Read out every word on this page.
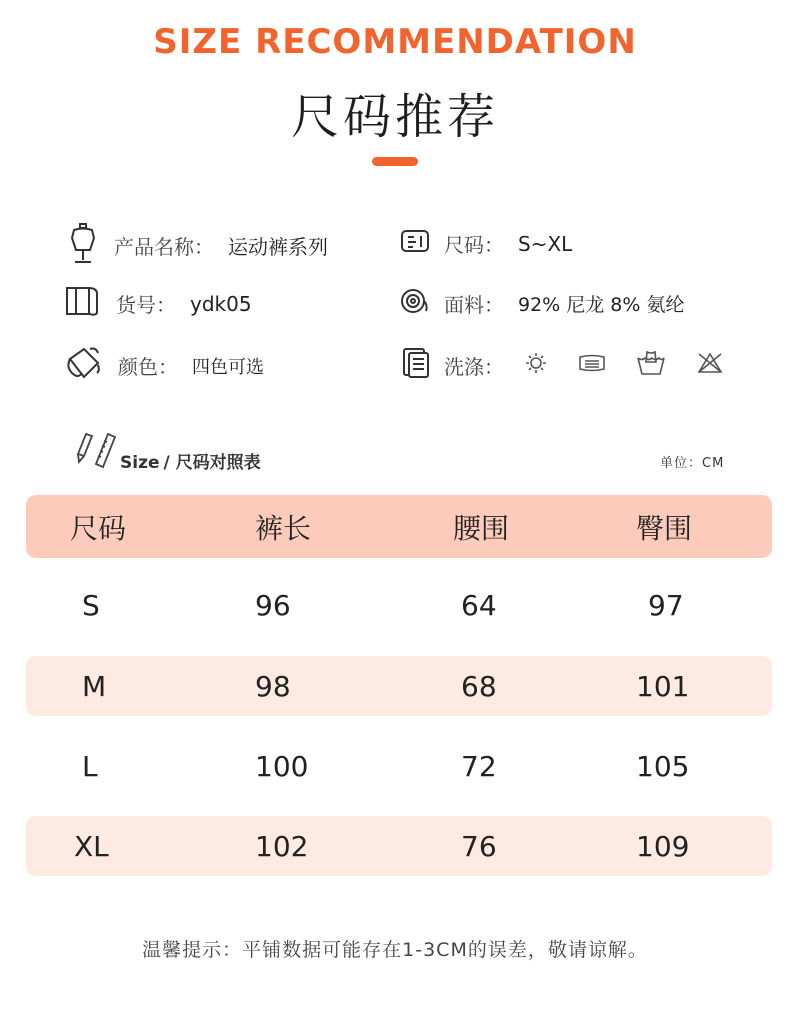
SIZE RECOMMENDATION
尺码推荐
产品名称： 运动裤系列	尺码： S~XL
货号： ydk05	面料： 92% 尼龙 8% 氨纶
颜色： 四色可选	洗涤：
Size / 尺码对照表	单位：CM
尺码	裤长	腰围	臀围
S	96	64	97
M	98	68	101
L	100	72	105
XL	102	76	109
温馨提示：平铺数据可能存在1-3CM的误差，敬请谅解。
